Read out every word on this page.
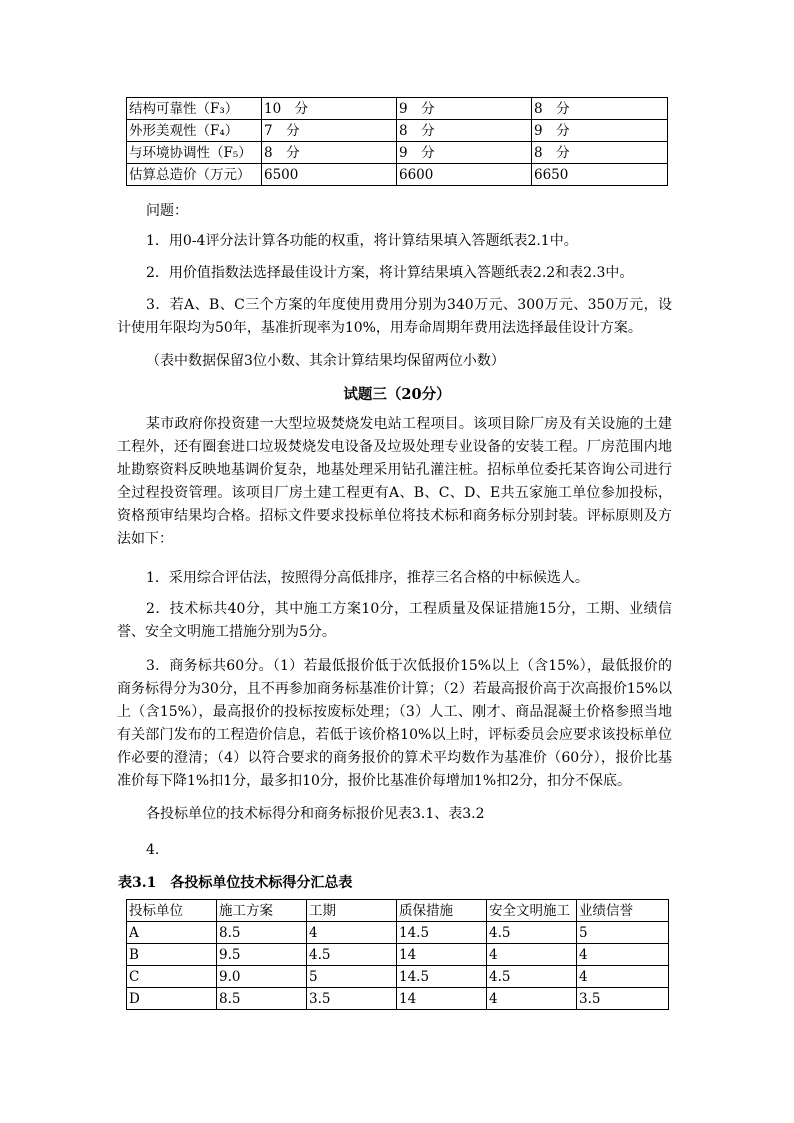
结构可靠性（F₃）	10　分	9　分	8　分
外形美观性（F₄）	7　分	8　分	9　分
与环境协调性（F₅）	8　分	9　分	8　分
估算总造价（万元）	6500	6600	6650

问题：

1．用0-4评分法计算各功能的权重，将计算结果填入答题纸表2.1中。

2．用价值指数法选择最佳设计方案，将计算结果填入答题纸表2.2和表2.3中。

3．若A、B、C三个方案的年度使用费用分别为340万元、300万元、350万元，设计使用年限均为50年，基准折现率为10%，用寿命周期年费用法选择最佳设计方案。

（表中数据保留3位小数、其余计算结果均保留两位小数）

试题三（20分）

某市政府你投资建一大型垃圾焚烧发电站工程项目。该项目除厂房及有关设施的土建工程外，还有圈套进口垃圾焚烧发电设备及垃圾处理专业设备的安装工程。厂房范围内地址勘察资料反映地基调价复杂，地基处理采用钻孔灌注桩。招标单位委托某咨询公司进行全过程投资管理。该项目厂房土建工程更有A、B、C、D、E共五家施工单位参加投标，资格预审结果均合格。招标文件要求投标单位将技术标和商务标分别封装。评标原则及方法如下：

1．采用综合评估法，按照得分高低排序，推荐三名合格的中标候选人。

2．技术标共40分，其中施工方案10分，工程质量及保证措施15分，工期、业绩信誉、安全文明施工措施分别为5分。

3．商务标共60分。（1）若最低报价低于次低报价15%以上（含15%），最低报价的商务标得分为30分，且不再参加商务标基准价计算；（2）若最高报价高于次高报价15%以上（含15%），最高报价的投标按废标处理；（3）人工、刚才、商品混凝土价格参照当地有关部门发布的工程造价信息，若低于该价格10%以上时，评标委员会应要求该投标单位作必要的澄清；（4）以符合要求的商务报价的算术平均数作为基准价（60分），报价比基准价每下降1%扣1分，最多扣10分，报价比基准价每增加1%扣2分，扣分不保底。

各投标单位的技术标得分和商务标报价见表3.1、表3.2

4.

表3.1　各投标单位技术标得分汇总表

投标单位	施工方案	工期	质保措施	安全文明施工	业绩信誉
A	8.5	4	14.5	4.5	5
B	9.5	4.5	14	4	4
C	9.0	5	14.5	4.5	4
D	8.5	3.5	14	4	3.5
